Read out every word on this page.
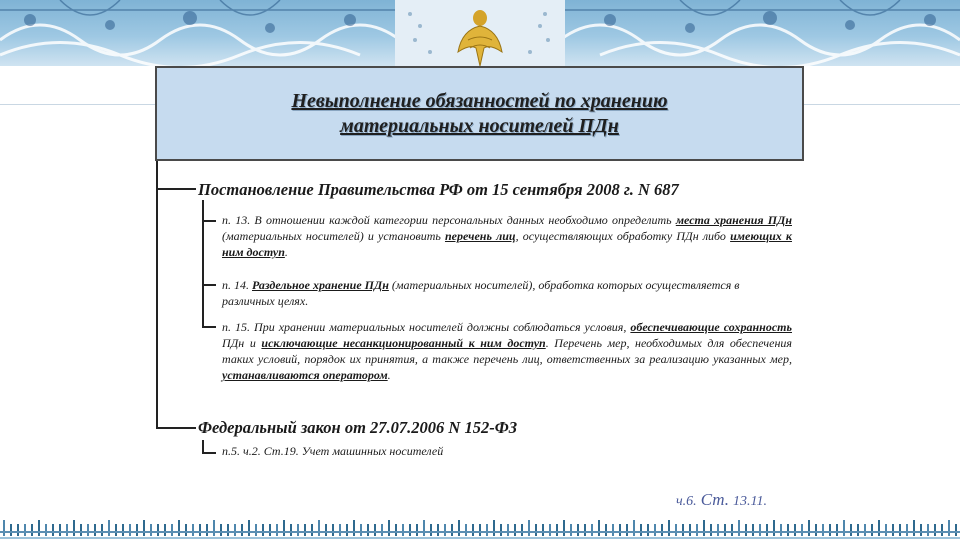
Невыполнение обязанностей по хранению
материальных носителей ПДн
Постановление Правительства РФ от 15 сентября 2008 г. N 687
п. 13. В отношении каждой категории персональных данных необходимо определить места хранения ПДн (материальных носителей) и установить перечень лиц, осуществляющих обработку ПДн либо имеющих к ним доступ.
п. 14. Раздельное хранение ПДн (материальных носителей), обработка которых осуществляется в различных целях.
п. 15. При хранении материальных носителей должны соблюдаться условия, обеспечивающие сохранность ПДн и исключающие несанкционированный к ним доступ. Перечень мер, необходимых для обеспечения таких условий, порядок их принятия, а также перечень лиц, ответственных за реализацию указанных мер, устанавливаются оператором.
Федеральный закон от 27.07.2006 N 152-ФЗ
п.5. ч.2. Ст.19. Учет машинных носителей
ч.6. Ст. 13.11.
